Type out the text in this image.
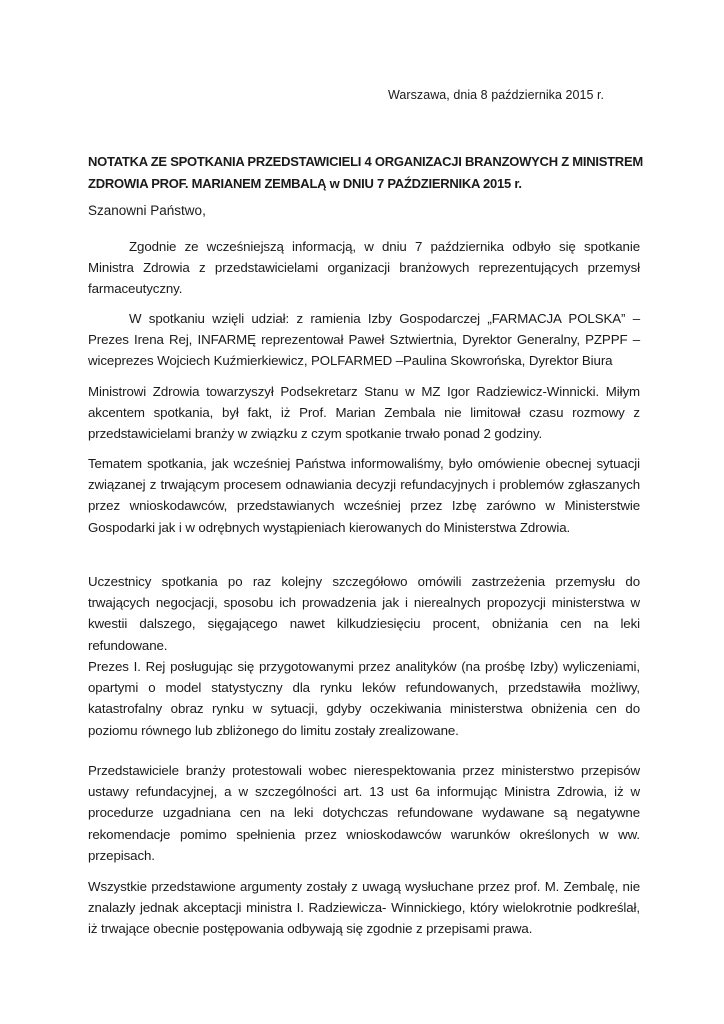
Warszawa, dnia 8 października 2015 r.
NOTATKA ZE SPOTKANIA PRZEDSTAWICIELI 4 ORGANIZACJI BRANZOWYCH Z MINISTREM ZDROWIA PROF. MARIANEM ZEMBALĄ w DNIU 7 PAŹDZIERNIKA 2015 r.
Szanowni Państwo,
Zgodnie ze wcześniejszą informacją, w dniu 7 października odbyło się spotkanie Ministra Zdrowia z przedstawicielami organizacji branżowych reprezentujących przemysł farmaceutyczny.
W spotkaniu wzięli udział: z ramienia Izby Gospodarczej „FARMACJA POLSKA” – Prezes Irena Rej, INFARMĘ reprezentował Paweł Sztwiertnia, Dyrektor Generalny, PZPPF – wiceprezes Wojciech Kuźmierkiewicz, POLFARMED –Paulina Skowrońska, Dyrektor Biura
Ministrowi Zdrowia towarzyszył Podsekretarz Stanu w MZ Igor Radziewicz-Winnicki. Miłym akcentem spotkania, był fakt, iż Prof. Marian Zembala nie limitował czasu rozmowy z przedstawicielami branży w związku z czym spotkanie trwało ponad 2 godziny.
Tematem spotkania, jak wcześniej Państwa informowaliśmy, było omówienie obecnej sytuacji związanej z trwającym procesem odnawiania decyzji refundacyjnych i problemów zgłaszanych przez wnioskodawców, przedstawianych wcześniej przez Izbę zarówno w Ministerstwie Gospodarki jak i w odrębnych wystąpieniach kierowanych do Ministerstwa Zdrowia.
Uczestnicy spotkania po raz kolejny szczegółowo omówili zastrzeżenia przemysłu do trwających negocjacji, sposobu ich prowadzenia jak i nierealnych propozycji ministerstwa w kwestii dalszego, sięgającego nawet kilkudziesięciu procent, obniżania cen na leki refundowane.
Prezes I. Rej posługując się przygotowanymi przez analityków (na prośbę Izby) wyliczeniami, opartymi o model statystyczny dla rynku leków refundowanych, przedstawiła możliwy, katastrofalny obraz rynku w sytuacji, gdyby oczekiwania ministerstwa obniżenia cen do poziomu równego lub zbliżonego do limitu zostały zrealizowane.
Przedstawiciele branży protestowali wobec nierespektowania przez ministerstwo przepisów ustawy refundacyjnej, a w szczególności art. 13 ust 6a informując Ministra Zdrowia, iż w procedurze uzgadniana cen na leki dotychczas refundowane wydawane są negatywne rekomendacje pomimo spełnienia przez wnioskodawców warunków określonych w ww. przepisach.
Wszystkie przedstawione argumenty zostały z uwagą wysłuchane przez prof. M. Zembalę, nie znalazły jednak akceptacji ministra I. Radziewicza- Winnickiego, który wielokrotnie podkreślał, iż trwające obecnie postępowania odbywają się zgodnie z przepisami prawa.
